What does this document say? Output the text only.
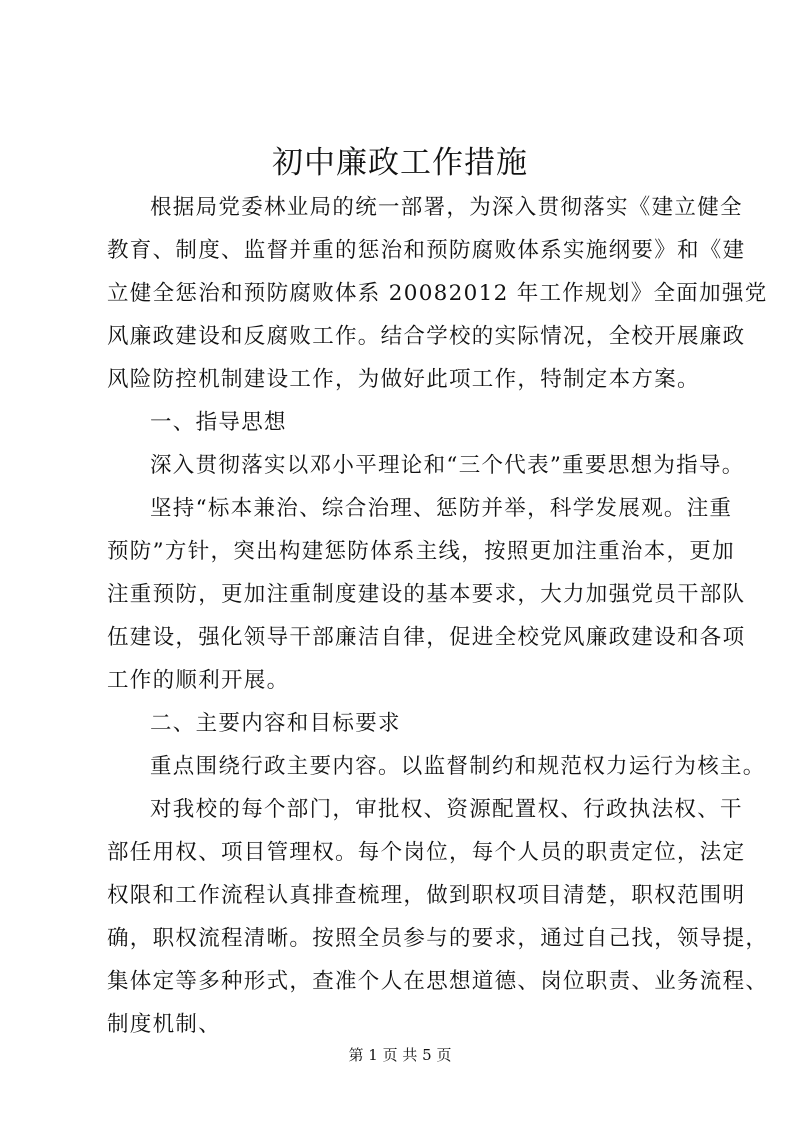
初中廉政工作措施
根据局党委林业局的统一部署，为深入贯彻落实《建立健全
教育、制度、监督并重的惩治和预防腐败体系实施纲要》和《建
立健全惩治和预防腐败体系 20082012 年工作规划》全面加强党
风廉政建设和反腐败工作。结合学校的实际情况，全校开展廉政
风险防控机制建设工作，为做好此项工作，特制定本方案。
一、指导思想
深入贯彻落实以邓小平理论和“三个代表”重要思想为指导。
坚持“标本兼治、综合治理、惩防并举，科学发展观。注重
预防”方针，突出构建惩防体系主线，按照更加注重治本，更加
注重预防，更加注重制度建设的基本要求，大力加强党员干部队
伍建设，强化领导干部廉洁自律，促进全校党风廉政建设和各项
工作的顺利开展。
二、主要内容和目标要求
重点围绕行政主要内容。以监督制约和规范权力运行为核主。
对我校的每个部门，审批权、资源配置权、行政执法权、干
部任用权、项目管理权。每个岗位，每个人员的职责定位，法定
权限和工作流程认真排查梳理，做到职权项目清楚，职权范围明
确，职权流程清晰。按照全员参与的要求，通过自己找，领导提，
集体定等多种形式，查准个人在思想道德、岗位职责、业务流程、
制度机制、
第 1 页 共 5 页
